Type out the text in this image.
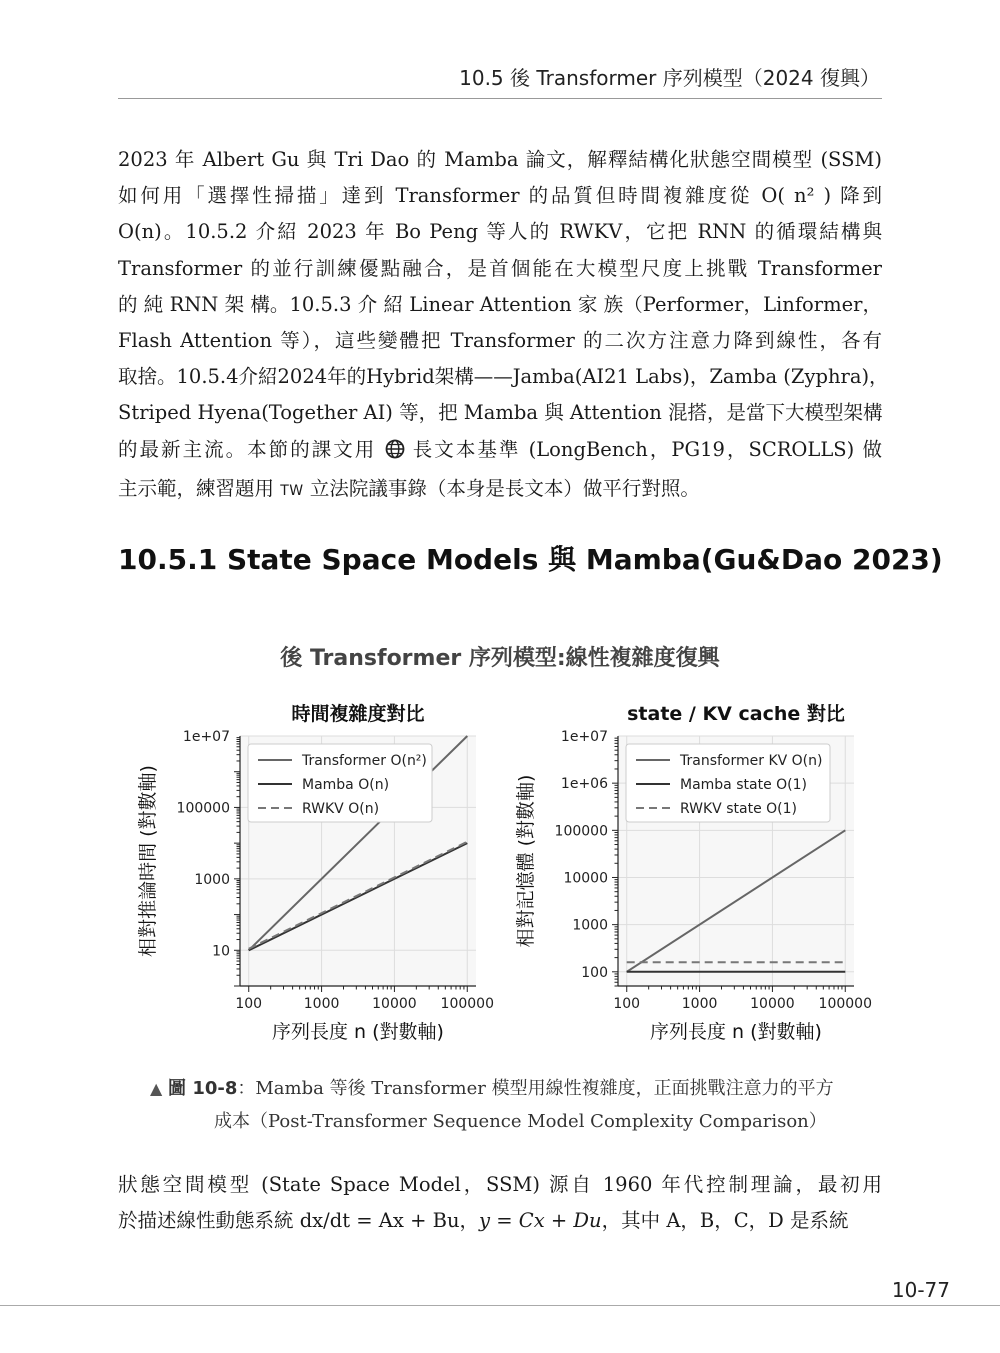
10.5 後 Transformer 序列模型（2024 復興）
2023 年 Albert Gu 與 Tri Dao 的 Mamba 論文，解釋結構化狀態空間模型 (SSM)
如何用「選擇性掃描」達到 Transformer 的品質但時間複雜度從 O( n² ) 降到
O(n)。10.5.2 介紹 2023 年 Bo Peng 等人的 RWKV，它把 RNN 的循環結構與
Transformer 的並行訓練優點融合，是首個能在大模型尺度上挑戰 Transformer
的 純 RNN 架 構。10.5.3 介 紹 Linear Attention 家 族（Performer，Linformer，
Flash Attention 等），這些變體把 Transformer 的二次方注意力降到線性，各有
取捨。10.5.4介紹2024年的Hybrid架構——Jamba(AI21 Labs)，Zamba (Zyphra)，
Striped Hyena(Together AI) 等，把 Mamba 與 Attention 混搭，是當下大模型架構
的最新主流。本節的課文用 長文本基準 (LongBench，PG19，SCROLLS) 做
主示範，練習題用 TW 立法院議事錄（本身是長文本）做平行對照。
10.5.1 State Space Models 與 Mamba(Gu&Dao 2023)
後 Transformer 序列模型:線性複雜度復興
100	1000 10000 100000
10
1000
100000
1e+07
Transformer O(n²)
Mamba O(n)
RWKV O(n)
時間複雜度對比
序列長度 n (對數軸)
相對推論時間 (對數軸)
100	1000 10000 100000
100
1000
10000
100000
1e+06
1e+07
Transformer KV O(n)
Mamba state O(1)
RWKV state O(1)
state / KV cache 對比
序列長度 n (對數軸)
相對記憶體 (對數軸)
▲ 圖 10-8：Mamba 等後 Transformer 模型用線性複雜度，正面挑戰注意力的平方
成本（Post-Transformer Sequence Model Complexity Comparison）
狀態空間模型 (State Space Model，SSM) 源自 1960 年代控制理論，最初用
於描述線性動態系統 dx/dt = Ax + Bu，y = Cx + Du，其中 A，B，C，D 是系統
10-77
